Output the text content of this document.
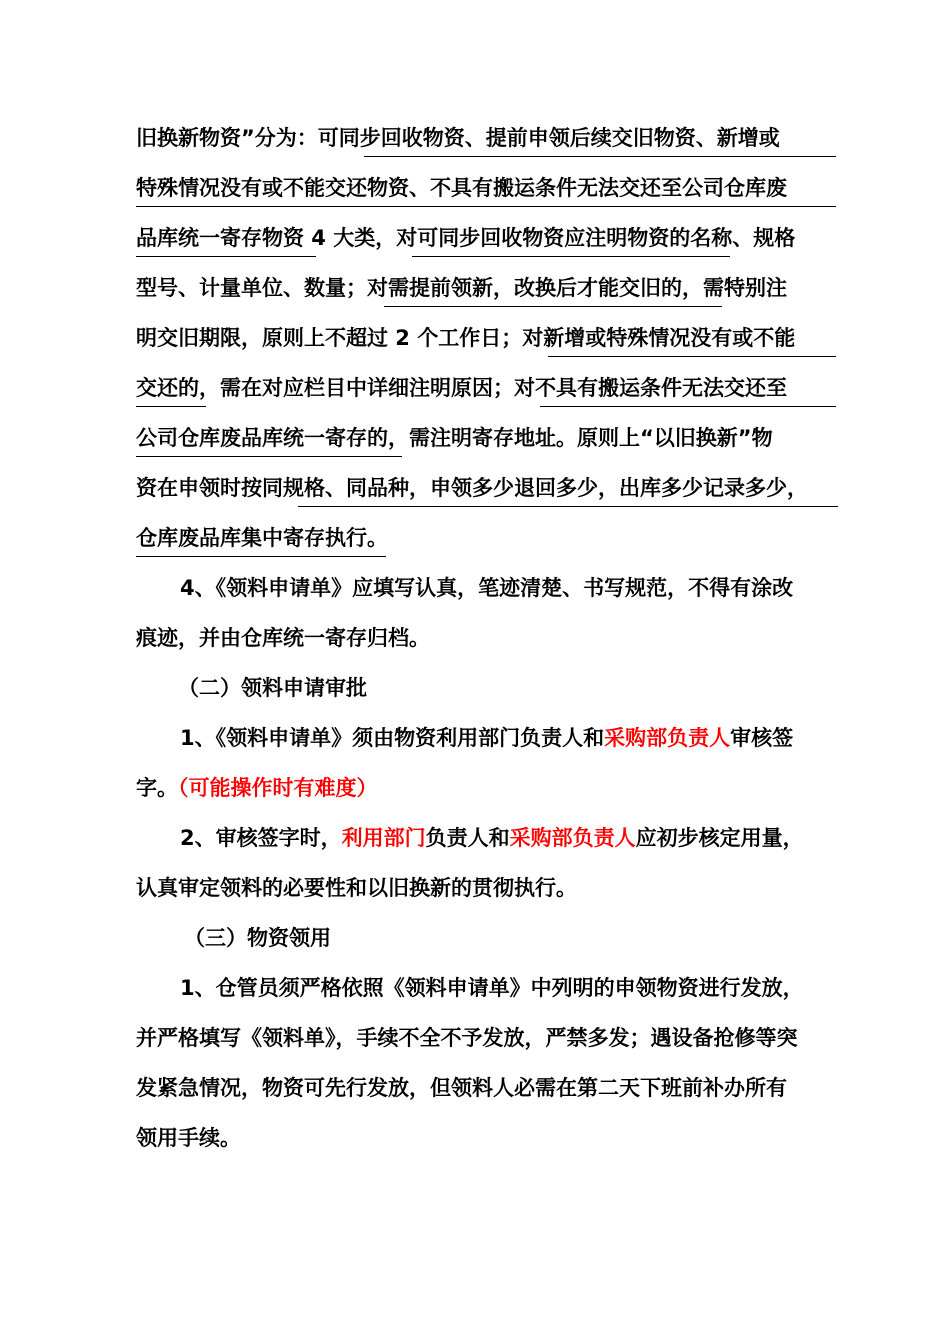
旧换新物资”分为：可同步回收物资、提前申领后续交旧物资、新增或
特殊情况没有或不能交还物资、不具有搬运条件无法交还至公司仓库废
品库统一寄存物资 4 大类，对可同步回收物资应注明物资的名称、规格
型号、计量单位、数量；对需提前领新，改换后才能交旧的，需特别注
明交旧期限，原则上不超过 2 个工作日；对新增或特殊情况没有或不能
交还的，需在对应栏目中详细注明原因；对不具有搬运条件无法交还至
公司仓库废品库统一寄存的，需注明寄存地址。原则上“以旧换新”物
资在申领时按同规格、同品种，申领多少退回多少，出库多少记录多少，
仓库废品库集中寄存执行。
4、《领料申请单》应填写认真，笔迹清楚、书写规范，不得有涂改
痕迹，并由仓库统一寄存归档。
（二）领料申请审批
1、《领料申请单》须由物资利用部门负责人和采购部负责人审核签
字。（可能操作时有难度）
2、审核签字时，利用部门负责人和采购部负责人应初步核定用量，
认真审定领料的必要性和以旧换新的贯彻执行。
（三）物资领用
1、仓管员须严格依照《领料申请单》中列明的申领物资进行发放，
并严格填写《领料单》，手续不全不予发放，严禁多发；遇设备抢修等突
发紧急情况，物资可先行发放，但领料人必需在第二天下班前补办所有
领用手续。
